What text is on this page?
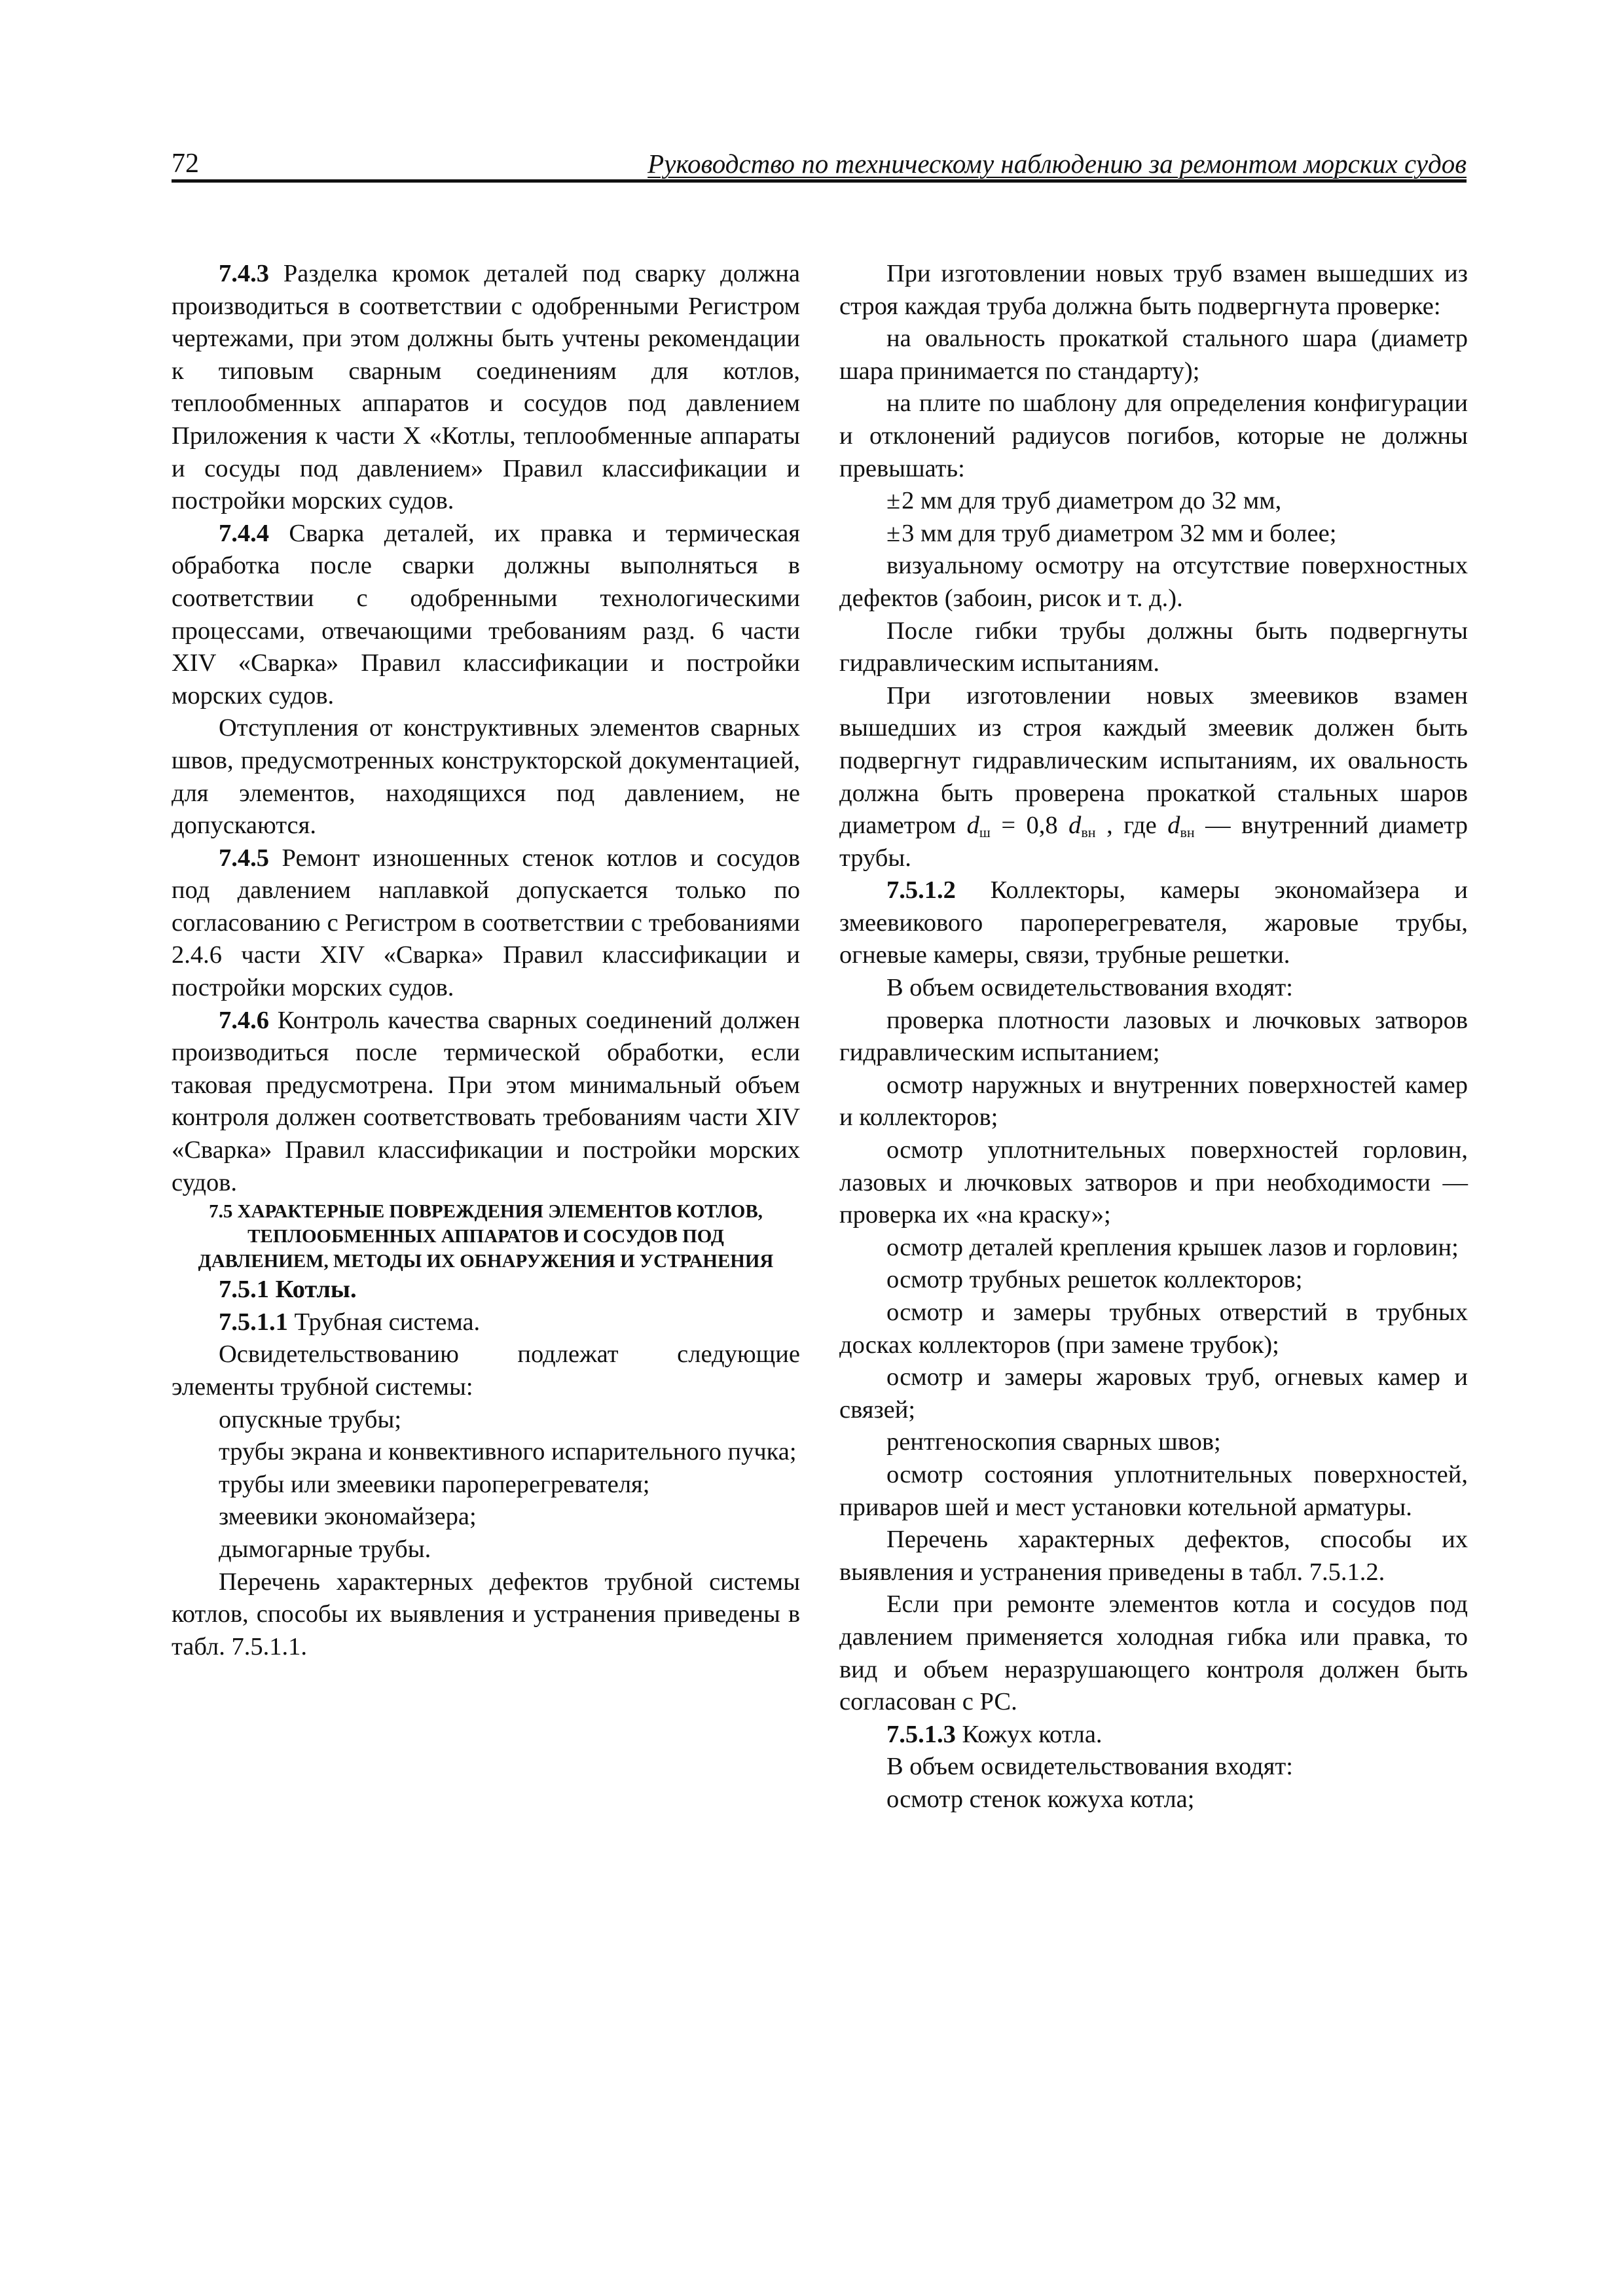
72	Руководство по техническому наблюдению за ремонтом морских судов

7.4.3 Разделка кромок деталей под сварку должна производиться в соответствии с одобренными Регистром чертежами, при этом должны быть учтены рекомендации к типовым сварным соединениям для котлов, теплообменных аппаратов и сосудов под давлением Приложения к части X «Котлы, теплообменные аппараты и сосуды под давлением» Правил классификации и постройки морских судов.

7.4.4 Сварка деталей, их правка и термическая обработка после сварки должны выполняться в соответствии с одобренными технологическими процессами, отвечающими требованиям разд. 6 части XIV «Сварка» Правил классификации и постройки морских судов.

Отступления от конструктивных элементов сварных швов, предусмотренных конструкторской документацией, для элементов, находящихся под давлением, не допускаются.

7.4.5 Ремонт изношенных стенок котлов и сосудов под давлением наплавкой допускается только по согласованию с Регистром в соответствии с требованиями 2.4.6 части XIV «Сварка» Правил классификации и постройки морских судов.

7.4.6 Контроль качества сварных соединений должен производиться после термической обработки, если таковая предусмотрена. При этом минимальный объем контроля должен соответствовать требованиям части XIV «Сварка» Правил классификации и постройки морских судов.

7.5 ХАРАКТЕРНЫЕ ПОВРЕЖДЕНИЯ ЭЛЕМЕНТОВ КОТЛОВ, ТЕПЛООБМЕННЫХ АППАРАТОВ И СОСУДОВ ПОД ДАВЛЕНИЕМ, МЕТОДЫ ИХ ОБНАРУЖЕНИЯ И УСТРАНЕНИЯ

7.5.1 Котлы.

7.5.1.1 Трубная система.

Освидетельствованию подлежат следующие элементы трубной системы:

опускные трубы;

трубы экрана и конвективного испарительного пучка;

трубы или змеевики пароперегревателя;

змеевики экономайзера;

дымогарные трубы.

Перечень характерных дефектов трубной системы котлов, способы их выявления и устранения приведены в табл. 7.5.1.1.

При изготовлении новых труб взамен вышедших из строя каждая труба должна быть подвергнута проверке:

на овальность прокаткой стального шара (диаметр шара принимается по стандарту);

на плите по шаблону для определения конфигурации и отклонений радиусов погибов, которые не должны превышать:

±2 мм для труб диаметром до 32 мм,

±3 мм для труб диаметром 32 мм и более;

визуальному осмотру на отсутствие поверхностных дефектов (забоин, рисок и т. д.).

После гибки трубы должны быть подвергнуты гидравлическим испытаниям.

При изготовлении новых змеевиков взамен вышедших из строя каждый змеевик должен быть подвергнут гидравлическим испытаниям, их овальность должна быть проверена прокаткой стальных шаров диаметром $d_ш = 0,8$ $d_{вн}$ , где $d_{вн}$ — внутренний диаметр трубы.

7.5.1.2 Коллекторы, камеры экономайзера и змеевикового пароперегревателя, жаровые трубы, огневые камеры, связи, трубные решетки.

В объем освидетельствования входят:

проверка плотности лазовых и лючковых затворов гидравлическим испытанием;

осмотр наружных и внутренних поверхностей камер и коллекторов;

осмотр уплотнительных поверхностей горловин, лазовых и лючковых затворов и при необходимости — проверка их «на краску»;

осмотр деталей крепления крышек лазов и горловин;

осмотр трубных решеток коллекторов;

осмотр и замеры трубных отверстий в трубных досках коллекторов (при замене трубок);

осмотр и замеры жаровых труб, огневых камер и связей;

рентгеноскопия сварных швов;

осмотр состояния уплотнительных поверхностей, приваров шей и мест установки котельной арматуры.

Перечень характерных дефектов, способы их выявления и устранения приведены в табл. 7.5.1.2.

Если при ремонте элементов котла и сосудов под давлением применяется холодная гибка или правка, то вид и объем неразрушающего контроля должен быть согласован с РС.

7.5.1.3 Кожух котла.

В объем освидетельствования входят:

осмотр стенок кожуха котла;
